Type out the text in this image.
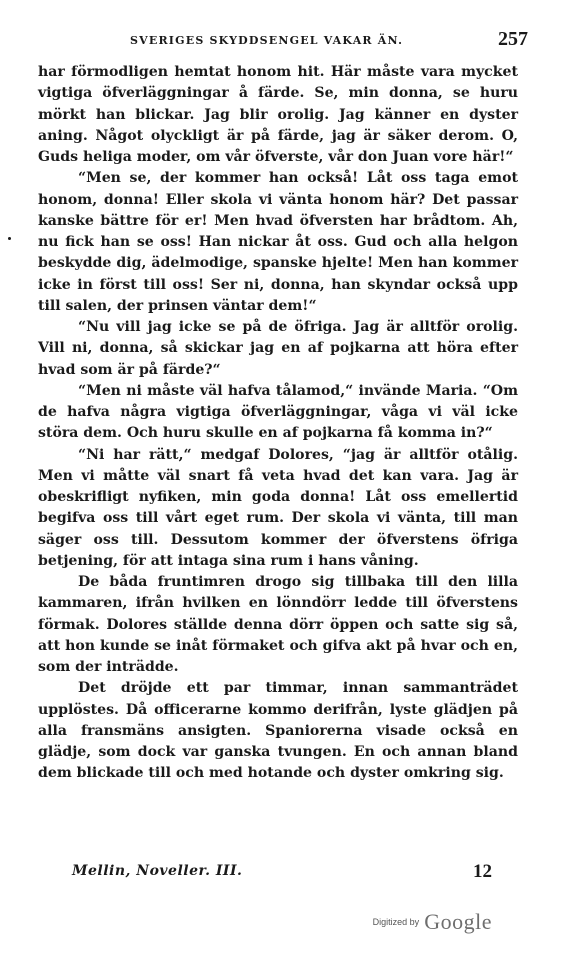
SVERIGES SKYDDSENGEL VAKAR ÄN.	257

har förmodligen hemtat honom hit. Här måste vara mycket vigtiga öfverläggningar å färde. Se, min donna, se huru mörkt han blickar. Jag blir orolig. Jag känner en dyster aning. Något olyckligt är på färde, jag är säker derom. O, Guds heliga moder, om vår öfverste, vår don Juan vore här!“

“Men se, der kommer han också! Låt oss taga emot honom, donna! Eller skola vi vänta honom här? Det passar kanske bättre för er! Men hvad öfversten har brådtom. Ah, nu fick han se oss! Han nickar åt oss. Gud och alla helgon beskydde dig, ädelmodige, spanske hjelte! Men han kommer icke in först till oss! Ser ni, donna, han skyndar också upp till salen, der prinsen väntar dem!“

“Nu vill jag icke se på de öfriga. Jag är alltför orolig. Vill ni, donna, så skickar jag en af pojkarna att höra efter hvad som är på färde?“

“Men ni måste väl hafva tålamod,“ invände Maria. “Om de hafva några vigtiga öfverläggningar, våga vi väl icke störa dem. Och huru skulle en af pojkarna få komma in?“

“Ni har rätt,“ medgaf Dolores, “jag är alltför otålig. Men vi måtte väl snart få veta hvad det kan vara. Jag är obeskrifligt nyfiken, min goda donna! Låt oss emellertid begifva oss till vårt eget rum. Der skola vi vänta, till man säger oss till. Dessutom kommer der öfverstens öfriga betjening, för att intaga sina rum i hans våning.

De båda fruntimren drogo sig tillbaka till den lilla kammaren, ifrån hvilken en lönndörr ledde till öfverstens förmak. Dolores ställde denna dörr öppen och satte sig så, att hon kunde se inåt förmaket och gifva akt på hvar och en, som der inträdde.

Det dröjde ett par timmar, innan sammanträdet upplöstes. Då officerarne kommo derifrån, lyste glädjen på alla fransmäns ansigten. Spaniorerna visade också en glädje, som dock var ganska tvungen. En och annan bland dem blickade till och med hotande och dyster omkring sig.

Mellin, Noveller. III.	12
Digitized by Google
